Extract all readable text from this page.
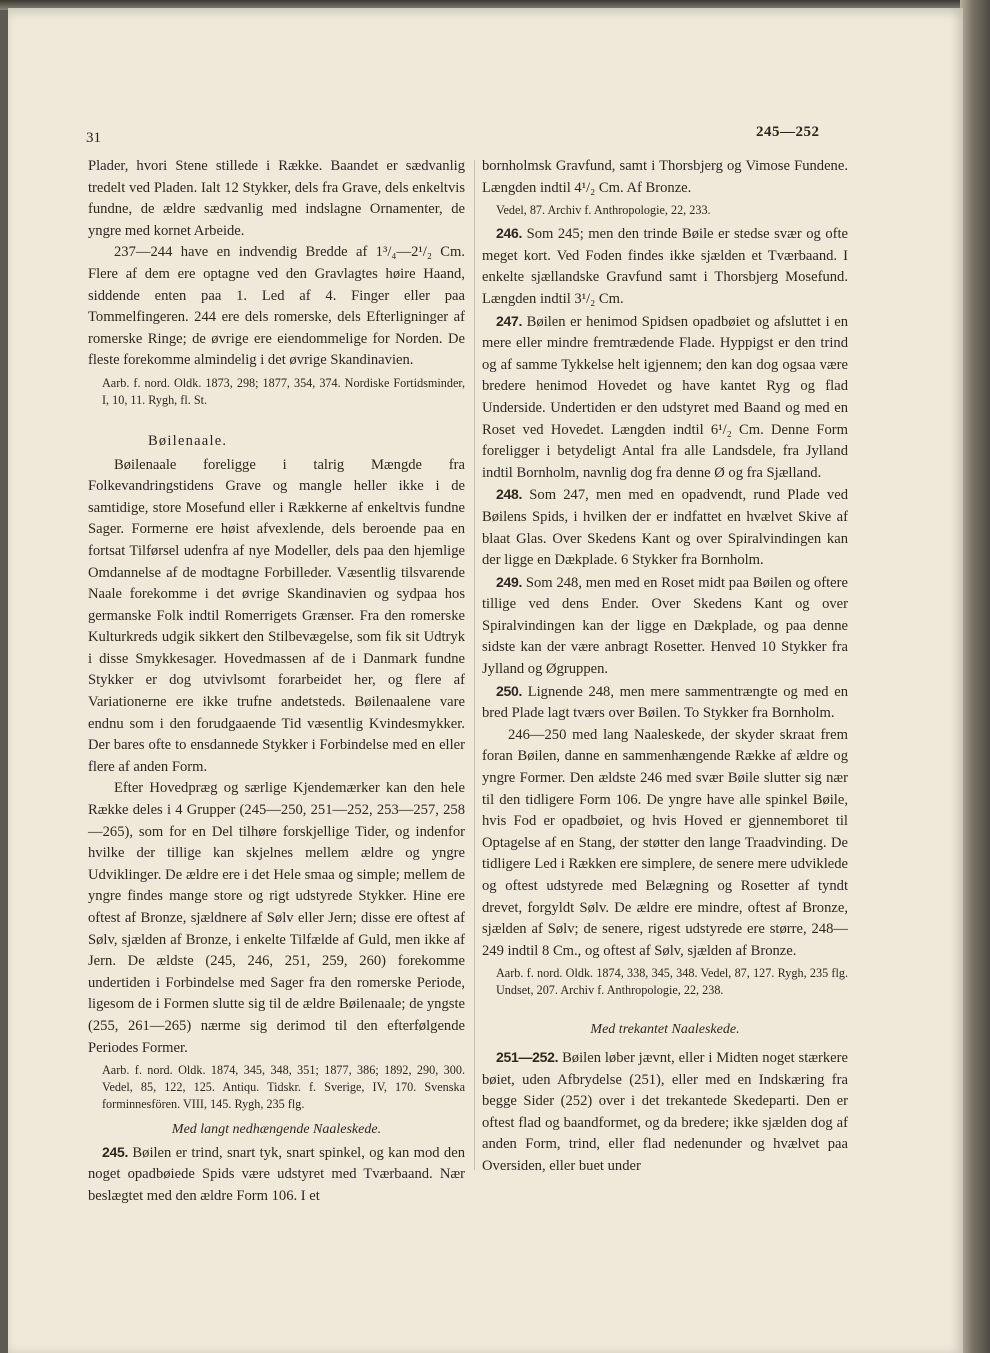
31	245—252

Plader, hvori Stene stillede i Række. Baandet er sædvanlig tredelt ved Pladen. Ialt 12 Stykker, dels fra Grave, dels enkeltvis fundne, de ældre sædvanlig med indslagne Ornamenter, de yngre med kornet Arbeide.

237—244 have en indvendig Bredde af 1³/₄—2¹/₂ Cm. Flere af dem ere optagne ved den Gravlagtes høire Haand, siddende enten paa 1. Led af 4. Finger eller paa Tommelfingeren. 244 ere dels romerske, dels Efterligninger af romerske Ringe; de øvrige ere eiendommelige for Norden. De fleste forekomme almindelig i det øvrige Skandinavien.

Aarb. f. nord. Oldk. 1873, 298; 1877, 354, 374. Nordiske Fortidsminder, I, 10, 11. Rygh, fl. St.

Bøilenaale.

Bøilenaale foreligge i talrig Mængde fra Folkevandringstidens Grave og mangle heller ikke i de samtidige, store Mosefund eller i Rækkerne af enkeltvis fundne Sager. Formerne ere høist afvexlende, dels beroende paa en fortsat Tilførsel udenfra af nye Modeller, dels paa den hjemlige Omdannelse af de modtagne Forbilleder. Væsentlig tilsvarende Naale forekomme i det øvrige Skandinavien og sydpaa hos germanske Folk indtil Romerrigets Grænser. Fra den romerske Kulturkreds udgik sikkert den Stilbevægelse, som fik sit Udtryk i disse Smykkesager. Hovedmassen af de i Danmark fundne Stykker er dog utvivlsomt forarbeidet her, og flere af Variationerne ere ikke trufne andetsteds. Bøilenaalene vare endnu som i den forudgaaende Tid væsentlig Kvindesmykker. Der bares ofte to ensdannede Stykker i Forbindelse med en eller flere af anden Form.

Efter Hovedpræg og særlige Kjendemærker kan den hele Række deles i 4 Grupper (245—250, 251—252, 253—257, 258—265), som for en Del tilhøre forskjellige Tider, og indenfor hvilke der tillige kan skjelnes mellem ældre og yngre Udviklinger. De ældre ere i det Hele smaa og simple; mellem de yngre findes mange store og rigt udstyrede Stykker. Hine ere oftest af Bronze, sjældnere af Sølv eller Jern; disse ere oftest af Sølv, sjælden af Bronze, i enkelte Tilfælde af Guld, men ikke af Jern. De ældste (245, 246, 251, 259, 260) forekomme undertiden i Forbindelse med Sager fra den romerske Periode, ligesom de i Formen slutte sig til de ældre Bøilenaale; de yngste (255, 261—265) nærme sig derimod til den efterfølgende Periodes Former.

Aarb. f. nord. Oldk. 1874, 345, 348, 351; 1877, 386; 1892, 290, 300. Vedel, 85, 122, 125. Antiqu. Tidskr. f. Sverige, IV, 170. Svenska forminnesfören. VIII, 145. Rygh, 235 flg.

Med langt nedhængende Naaleskede.

245. Bøilen er trind, snart tyk, snart spinkel, og kan mod den noget opadbøiede Spids være udstyret med Tværbaand. Nær beslægtet med den ældre Form 106. I et

bornholmsk Gravfund, samt i Thorsbjerg og Vimose Fundene. Længden indtil 4¹/₂ Cm. Af Bronze.

Vedel, 87. Archiv f. Anthropologie, 22, 233.

246. Som 245; men den trinde Bøile er stedse svær og ofte meget kort. Ved Foden findes ikke sjælden et Tværbaand. I enkelte sjællandske Gravfund samt i Thorsbjerg Mosefund. Længden indtil 3¹/₂ Cm.

247. Bøilen er henimod Spidsen opadbøiet og afsluttet i en mere eller mindre fremtrædende Flade. Hyppigst er den trind og af samme Tykkelse helt igjennem; den kan dog ogsaa være bredere henimod Hovedet og have kantet Ryg og flad Underside. Undertiden er den udstyret med Baand og med en Roset ved Hovedet. Længden indtil 6¹/₂ Cm. Denne Form foreligger i betydeligt Antal fra alle Landsdele, fra Jylland indtil Bornholm, navnlig dog fra denne Ø og fra Sjælland.

248. Som 247, men med en opadvendt, rund Plade ved Bøilens Spids, i hvilken der er indfattet en hvælvet Skive af blaat Glas. Over Skedens Kant og over Spiralvindingen kan der ligge en Dækplade. 6 Stykker fra Bornholm.

249. Som 248, men med en Roset midt paa Bøilen og oftere tillige ved dens Ender. Over Skedens Kant og over Spiralvindingen kan der ligge en Dækplade, og paa denne sidste kan der være anbragt Rosetter. Henved 10 Stykker fra Jylland og Øgruppen.

250. Lignende 248, men mere sammentrængte og med en bred Plade lagt tværs over Bøilen. To Stykker fra Bornholm.

246—250 med lang Naaleskede, der skyder skraat frem foran Bøilen, danne en sammenhængende Række af ældre og yngre Former. Den ældste 246 med svær Bøile slutter sig nær til den tidligere Form 106. De yngre have alle spinkel Bøile, hvis Fod er opadbøiet, og hvis Hoved er gjennemboret til Optagelse af en Stang, der støtter den lange Traadvinding. De tidligere Led i Rækken ere simplere, de senere mere udviklede og oftest udstyrede med Belægning og Rosetter af tyndt drevet, forgyldt Sølv. De ældre ere mindre, oftest af Bronze, sjælden af Sølv; de senere, rigest udstyrede ere større, 248—249 indtil 8 Cm., og oftest af Sølv, sjælden af Bronze.

Aarb. f. nord. Oldk. 1874, 338, 345, 348. Vedel, 87, 127. Rygh, 235 flg. Undset, 207. Archiv f. Anthropologie, 22, 238.

Med trekantet Naaleskede.

251—252. Bøilen løber jævnt, eller i Midten noget stærkere bøiet, uden Afbrydelse (251), eller med en Indskæring fra begge Sider (252) over i det trekantede Skedeparti. Den er oftest flad og baandformet, og da bredere; ikke sjælden dog af anden Form, trind, eller flad nedenunder og hvælvet paa Oversiden, eller buet under
